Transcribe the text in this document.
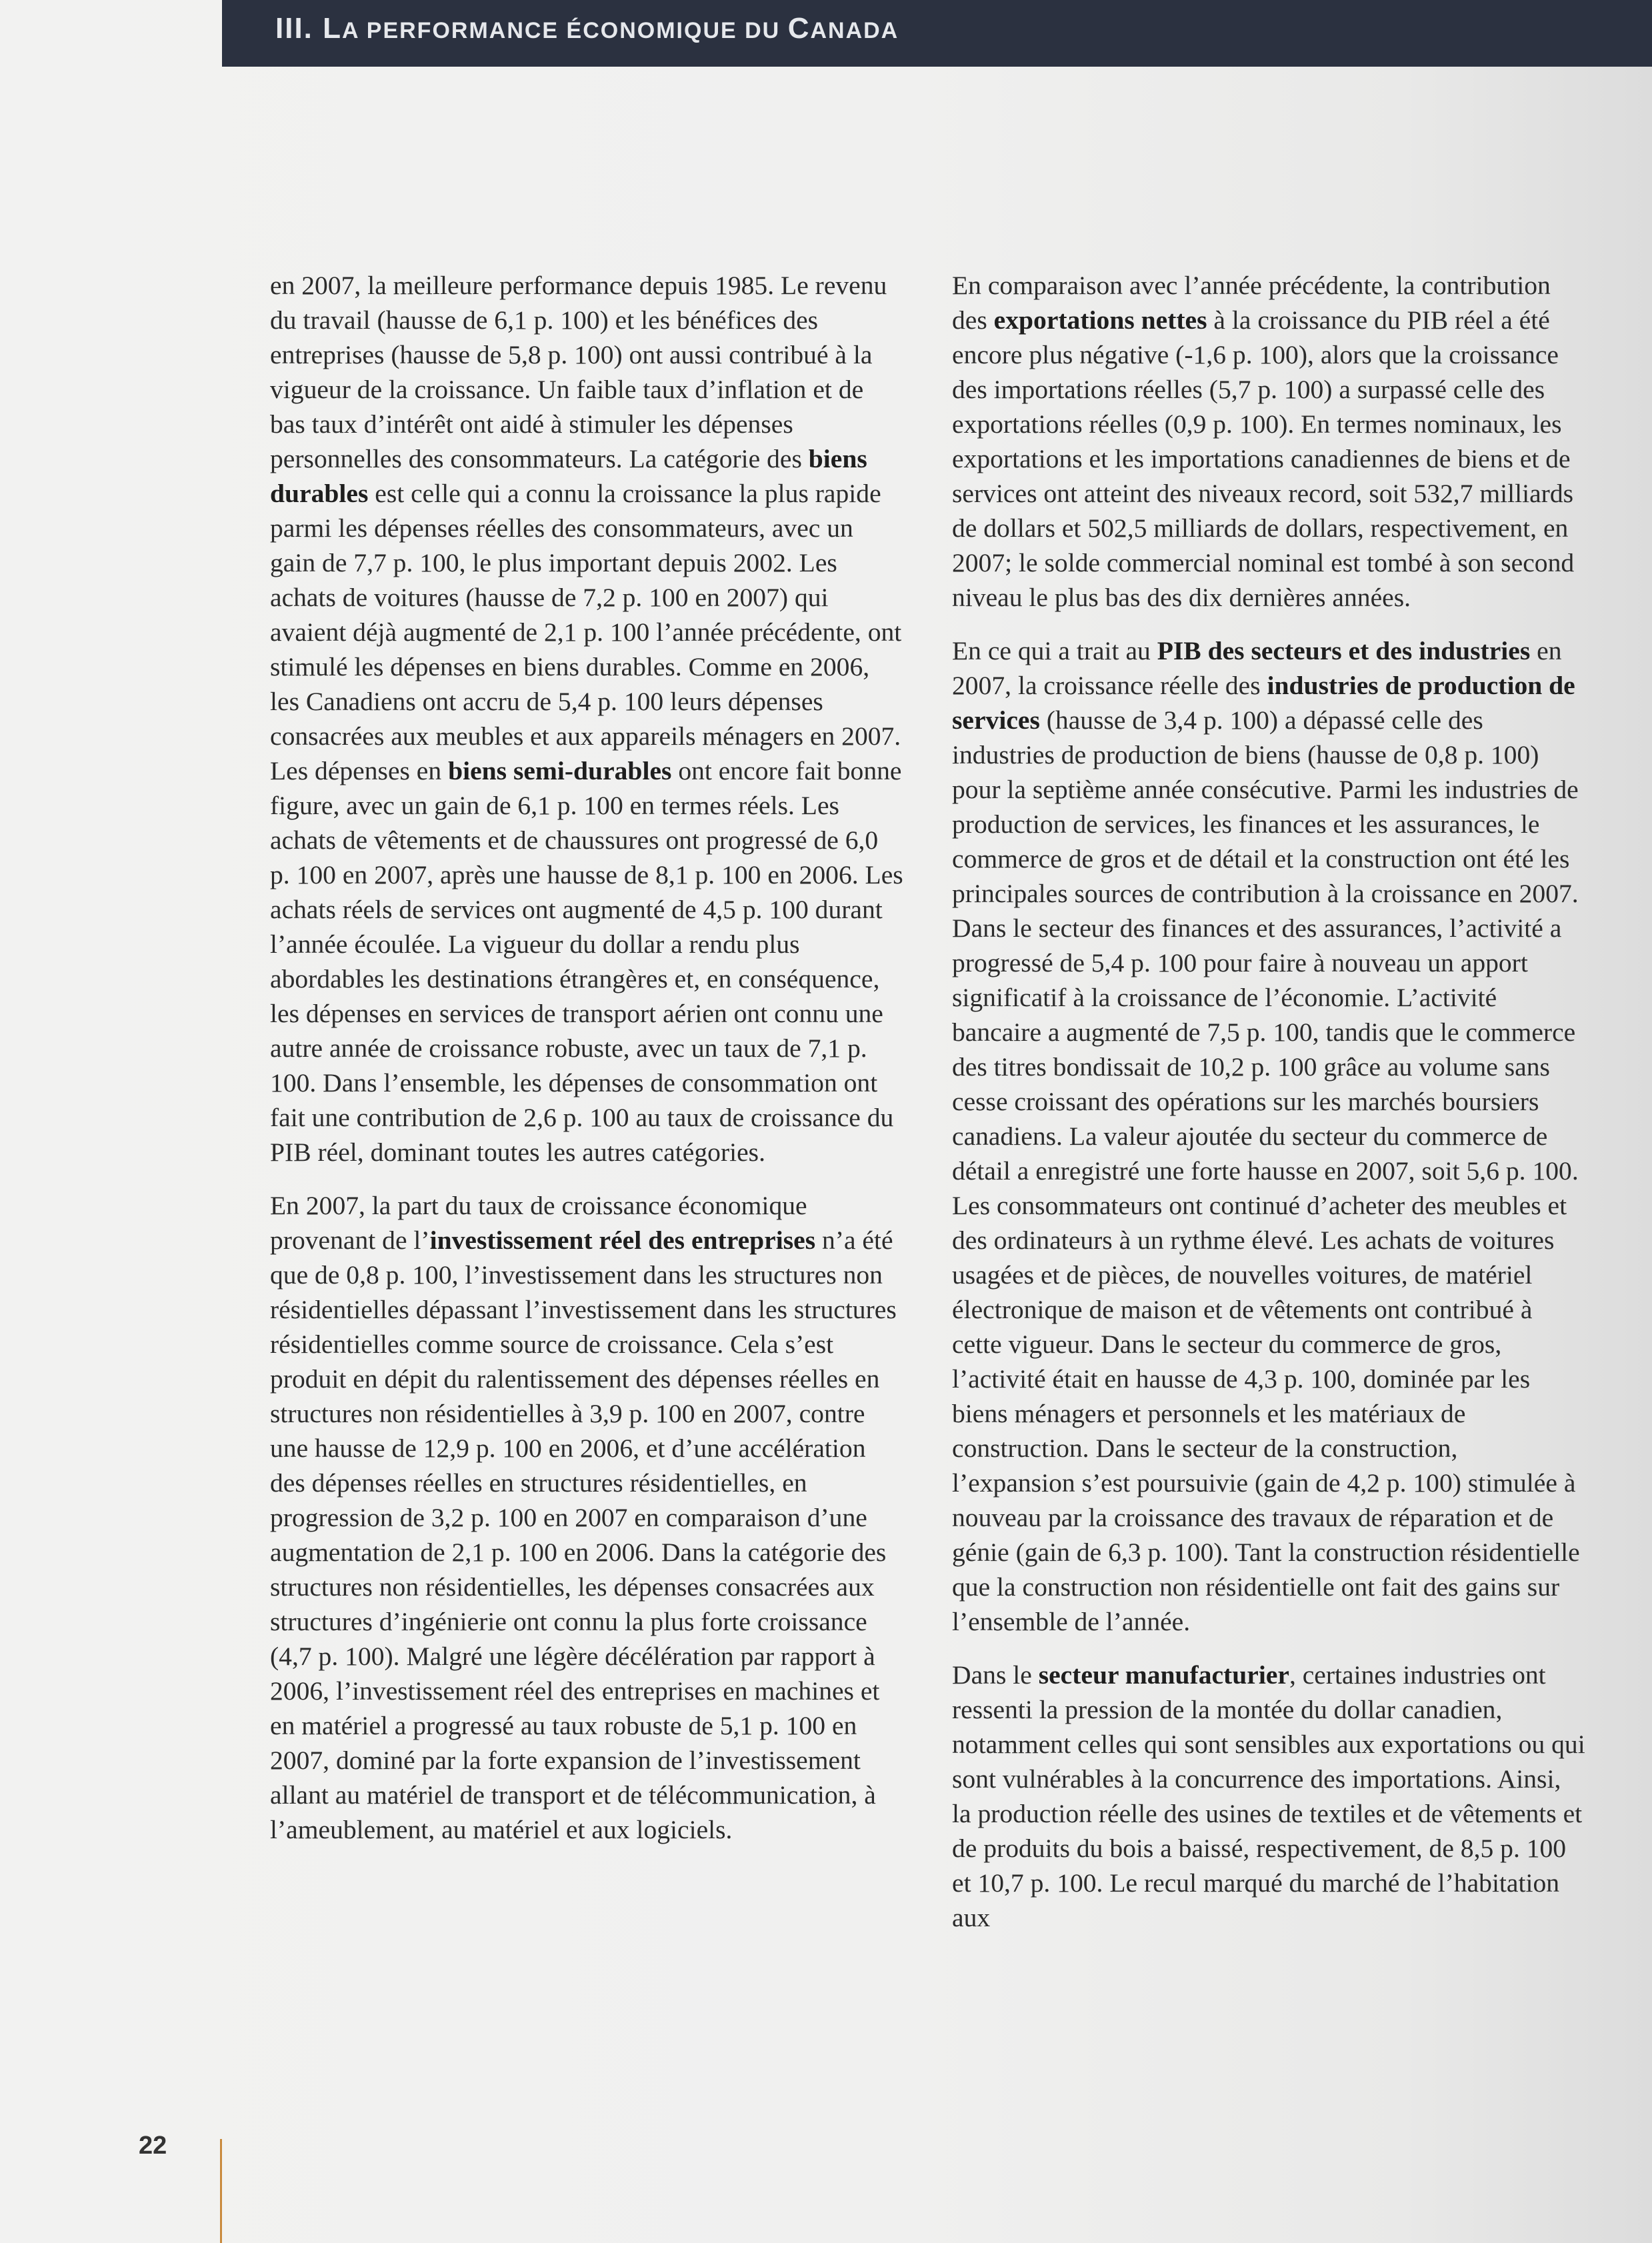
III. LA PERFORMANCE ÉCONOMIQUE DU CANADA

en 2007, la meilleure performance depuis 1985. Le revenu du travail (hausse de 6,1 p. 100) et les bénéfices des entreprises (hausse de 5,8 p. 100) ont aussi contribué à la vigueur de la croissance. Un faible taux d’inflation et de bas taux d’intérêt ont aidé à stimuler les dépenses personnelles des consommateurs. La catégorie des biens durables est celle qui a connu la croissance la plus rapide parmi les dépenses réelles des consommateurs, avec un gain de 7,7 p. 100, le plus important depuis 2002. Les achats de voitures (hausse de 7,2 p. 100 en 2007) qui avaient déjà augmenté de 2,1 p. 100 l’année précédente, ont stimulé les dépenses en biens durables. Comme en 2006, les Canadiens ont accru de 5,4 p. 100 leurs dépenses consacrées aux meubles et aux appareils ménagers en 2007. Les dépenses en biens semi-durables ont encore fait bonne figure, avec un gain de 6,1 p. 100 en termes réels. Les achats de vêtements et de chaussures ont progressé de 6,0 p. 100 en 2007, après une hausse de 8,1 p. 100 en 2006. Les achats réels de services ont augmenté de 4,5 p. 100 durant l’année écoulée. La vigueur du dollar a rendu plus abordables les destinations étrangères et, en conséquence, les dépenses en services de transport aérien ont connu une autre année de croissance robuste, avec un taux de 7,1 p. 100. Dans l’ensemble, les dépenses de consommation ont fait une contribution de 2,6 p. 100 au taux de croissance du PIB réel, dominant toutes les autres catégories.

En 2007, la part du taux de croissance économique provenant de l’investissement réel des entreprises n’a été que de 0,8 p. 100, l’investissement dans les structures non résidentielles dépassant l’investissement dans les structures résidentielles comme source de croissance. Cela s’est produit en dépit du ralentissement des dépenses réelles en structures non résidentielles à 3,9 p. 100 en 2007, contre une hausse de 12,9 p. 100 en 2006, et d’une accélération des dépenses réelles en structures résidentielles, en progression de 3,2 p. 100 en 2007 en comparaison d’une augmentation de 2,1 p. 100 en 2006. Dans la catégorie des structures non résidentielles, les dépenses consacrées aux structures d’ingénierie ont connu la plus forte croissance (4,7 p. 100). Malgré une légère décélération par rapport à 2006, l’investissement réel des entreprises en machines et en matériel a progressé au taux robuste de 5,1 p. 100 en 2007, dominé par la forte expansion de l’investissement allant au matériel de transport et de télécommunication, à l’ameublement, au matériel et aux logiciels.

En comparaison avec l’année précédente, la contribution des exportations nettes à la croissance du PIB réel a été encore plus négative (-1,6 p. 100), alors que la croissance des importations réelles (5,7 p. 100) a surpassé celle des exportations réelles (0,9 p. 100). En termes nominaux, les exportations et les importations canadiennes de biens et de services ont atteint des niveaux record, soit 532,7 milliards de dollars et 502,5 milliards de dollars, respectivement, en 2007; le solde commercial nominal est tombé à son second niveau le plus bas des dix dernières années.

En ce qui a trait au PIB des secteurs et des industries en 2007, la croissance réelle des industries de production de services (hausse de 3,4 p. 100) a dépassé celle des industries de production de biens (hausse de 0,8 p. 100) pour la septième année consécutive. Parmi les industries de production de services, les finances et les assurances, le commerce de gros et de détail et la construction ont été les principales sources de contribution à la croissance en 2007. Dans le secteur des finances et des assurances, l’activité a progressé de 5,4 p. 100 pour faire à nouveau un apport significatif à la croissance de l’économie. L’activité bancaire a augmenté de 7,5 p. 100, tandis que le commerce des titres bondissait de 10,2 p. 100 grâce au volume sans cesse croissant des opérations sur les marchés boursiers canadiens. La valeur ajoutée du secteur du commerce de détail a enregistré une forte hausse en 2007, soit 5,6 p. 100. Les consommateurs ont continué d’acheter des meubles et des ordinateurs à un rythme élevé. Les achats de voitures usagées et de pièces, de nouvelles voitures, de matériel électronique de maison et de vêtements ont contribué à cette vigueur. Dans le secteur du commerce de gros, l’activité était en hausse de 4,3 p. 100, dominée par les biens ménagers et personnels et les matériaux de construction. Dans le secteur de la construction, l’expansion s’est poursuivie (gain de 4,2 p. 100) stimulée à nouveau par la croissance des travaux de réparation et de génie (gain de 6,3 p. 100). Tant la construction résidentielle que la construction non résidentielle ont fait des gains sur l’ensemble de l’année.

Dans le secteur manufacturier, certaines industries ont ressenti la pression de la montée du dollar canadien, notamment celles qui sont sensibles aux exportations ou qui sont vulnérables à la concurrence des importations. Ainsi, la production réelle des usines de textiles et de vêtements et de produits du bois a baissé, respectivement, de 8,5 p. 100 et 10,7 p. 100. Le recul marqué du marché de l’habitation aux

22
